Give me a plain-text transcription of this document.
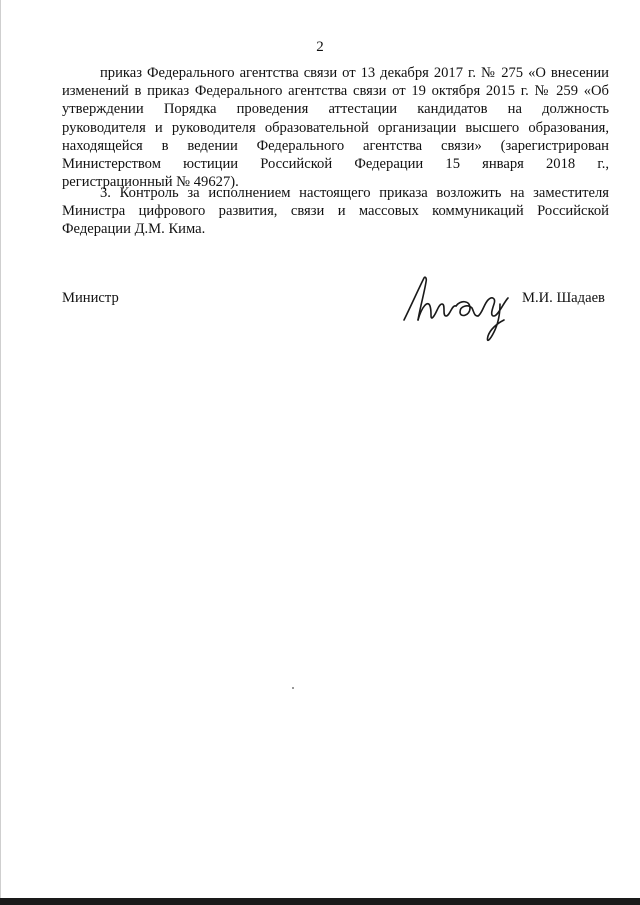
2
приказ Федерального агентства связи от 13 декабря 2017 г. № 275 «О внесении
изменений в приказ Федерального агентства связи от 19 октября 2015 г. № 259 «Об
утверждении Порядка проведения аттестации кандидатов на должность
руководителя и руководителя образовательной организации высшего образования,
находящейся в ведении Федерального агентства связи» (зарегистрирован
Министерством юстиции Российской Федерации 15 января 2018 г.,
регистрационный № 49627).
3. Контроль за исполнением настоящего приказа возложить на заместителя
Министра цифрового развития, связи и массовых коммуникаций Российской
Федерации Д.М. Кима.
Министр	М.И. Шадаев
